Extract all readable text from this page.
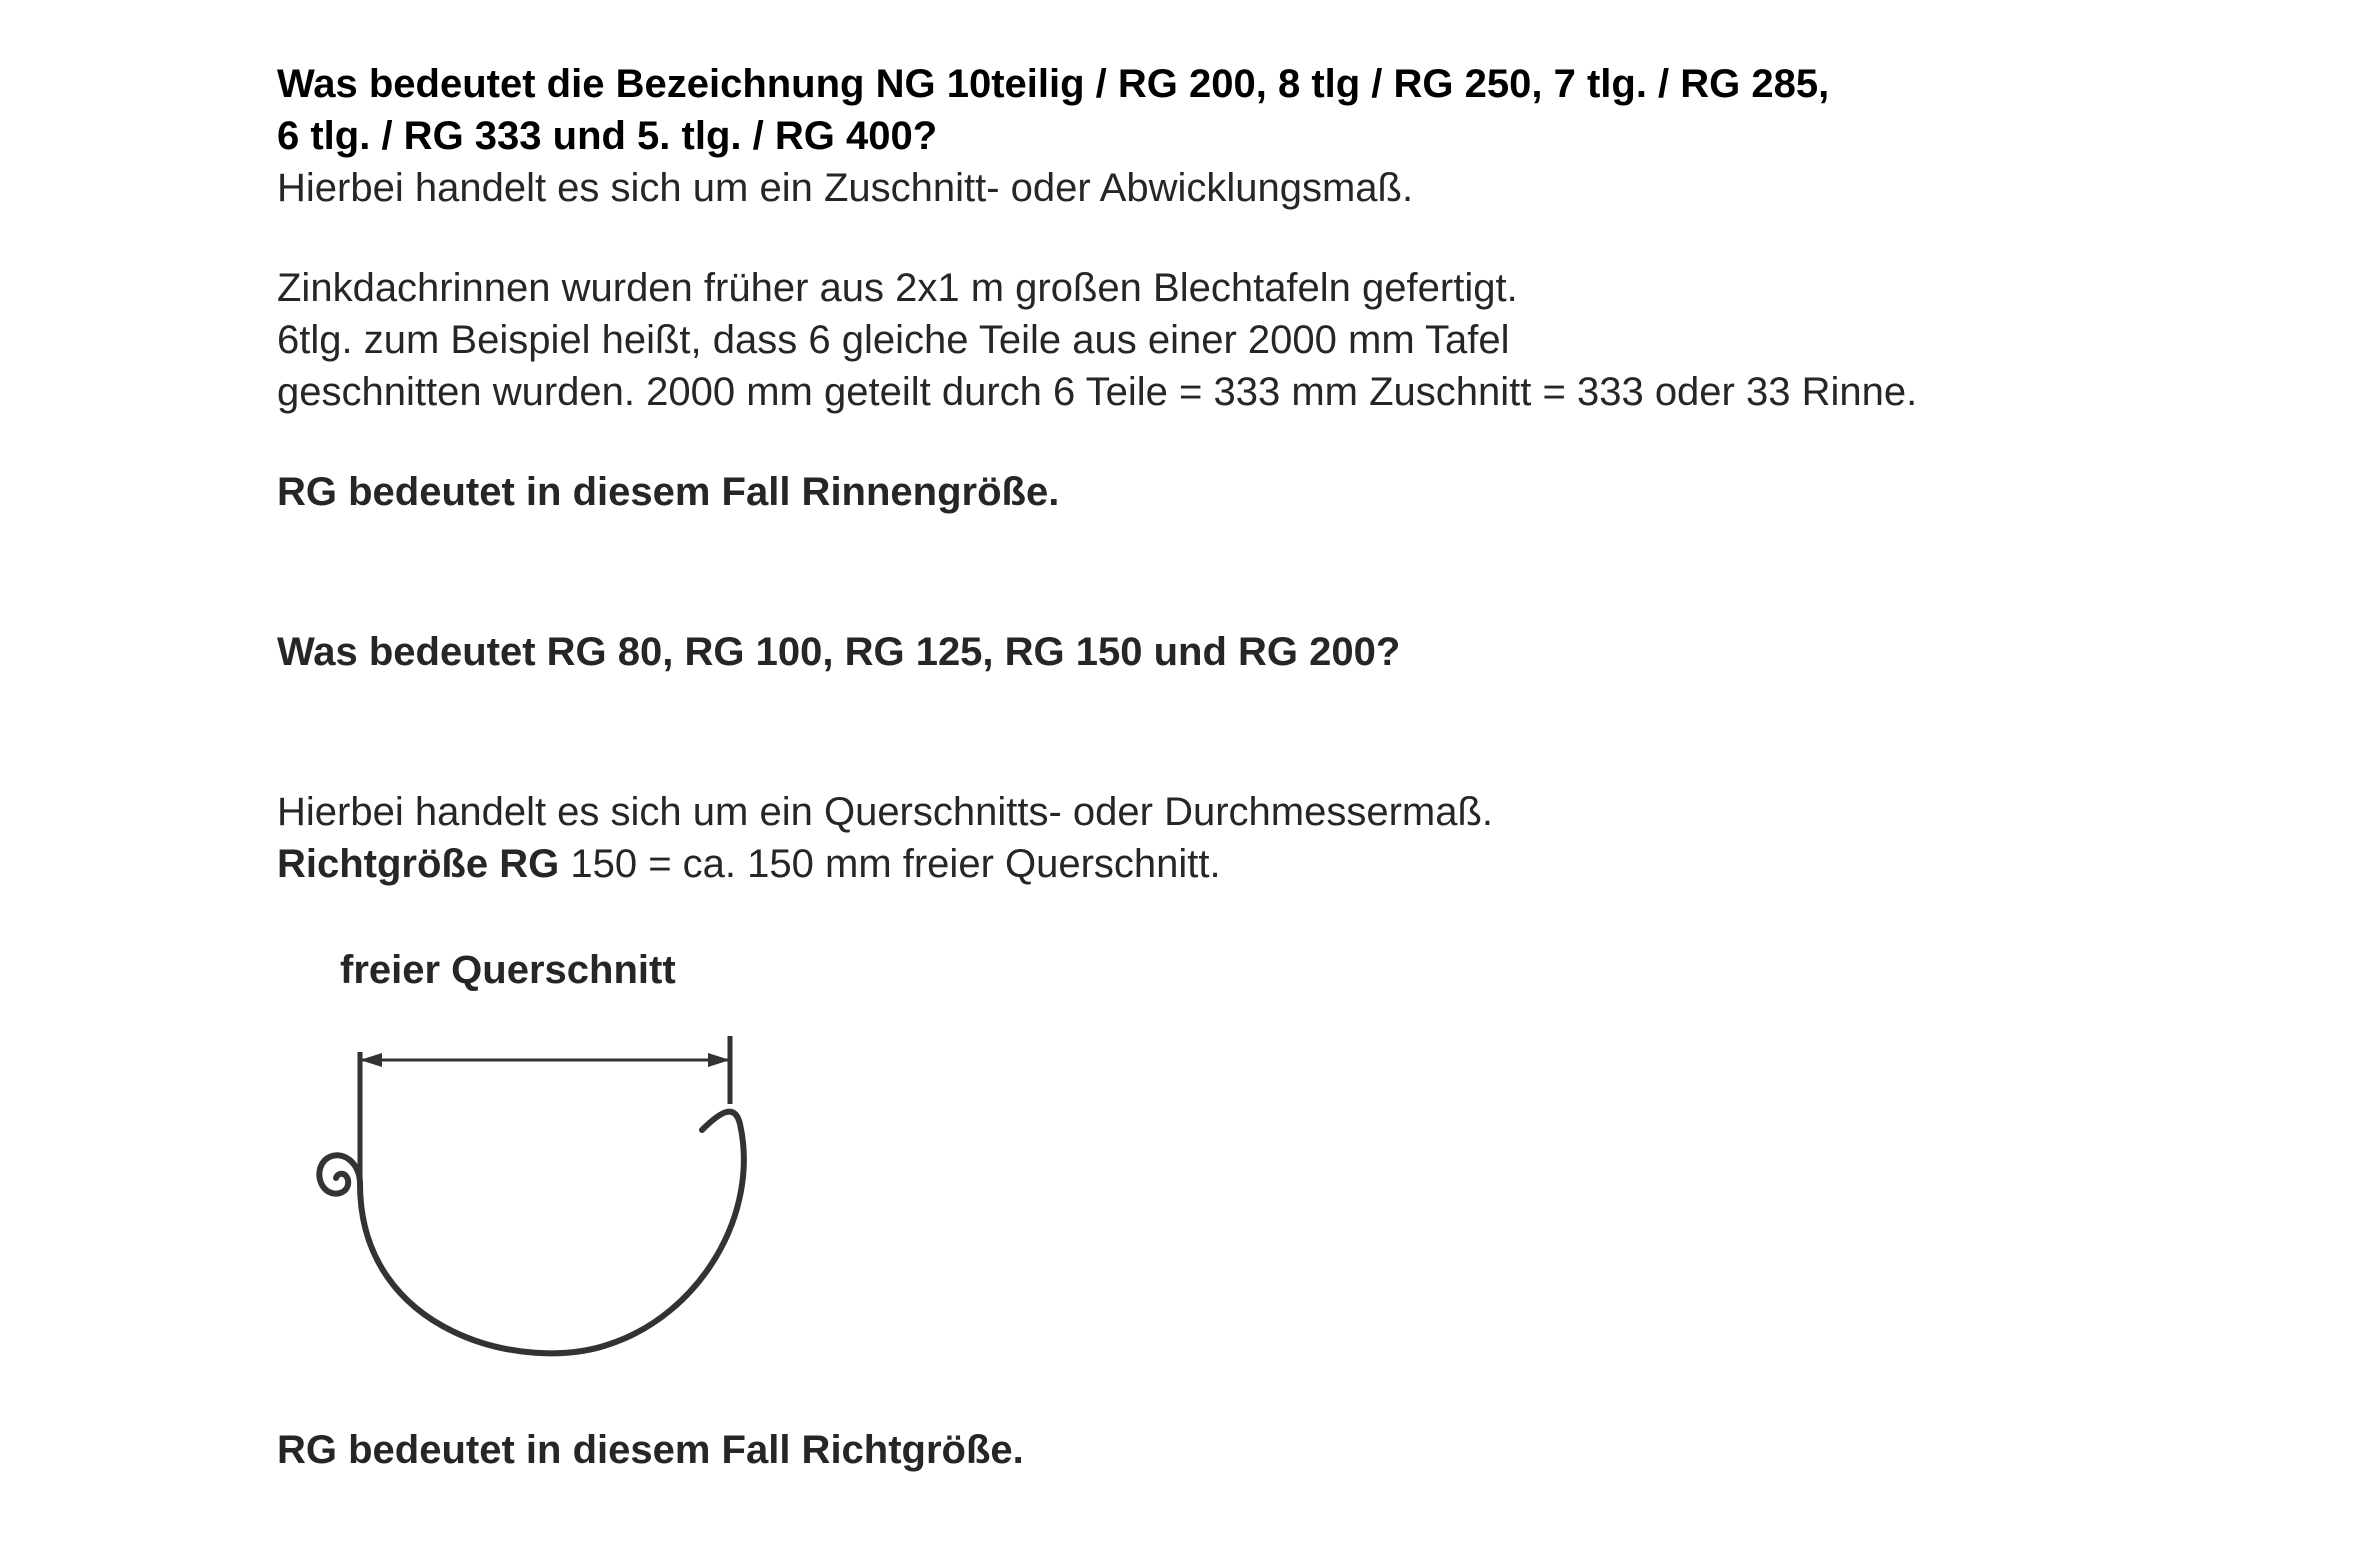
Was bedeutet die Bezeichnung NG 10teilig / RG 200, 8 tlg / RG 250, 7 tlg. / RG 285,
6 tlg. / RG 333 und 5. tlg. / RG 400?
Hierbei handelt es sich um ein Zuschnitt- oder Abwicklungsmaß.
Zinkdachrinnen wurden früher aus 2x1 m großen Blechtafeln gefertigt.
6tlg. zum Beispiel heißt, dass 6 gleiche Teile aus einer 2000 mm Tafel
geschnitten wurden. 2000 mm geteilt durch 6 Teile = 333 mm Zuschnitt = 333 oder 33 Rinne.
RG bedeutet in diesem Fall Rinnengröße.
Was bedeutet RG 80, RG 100, RG 125, RG 150 und RG 200?
Hierbei handelt es sich um ein Querschnitts- oder Durchmessermaß.
Richtgröße RG 150 = ca. 150 mm freier Querschnitt.
freier Querschnitt
RG bedeutet in diesem Fall Richtgröße.
